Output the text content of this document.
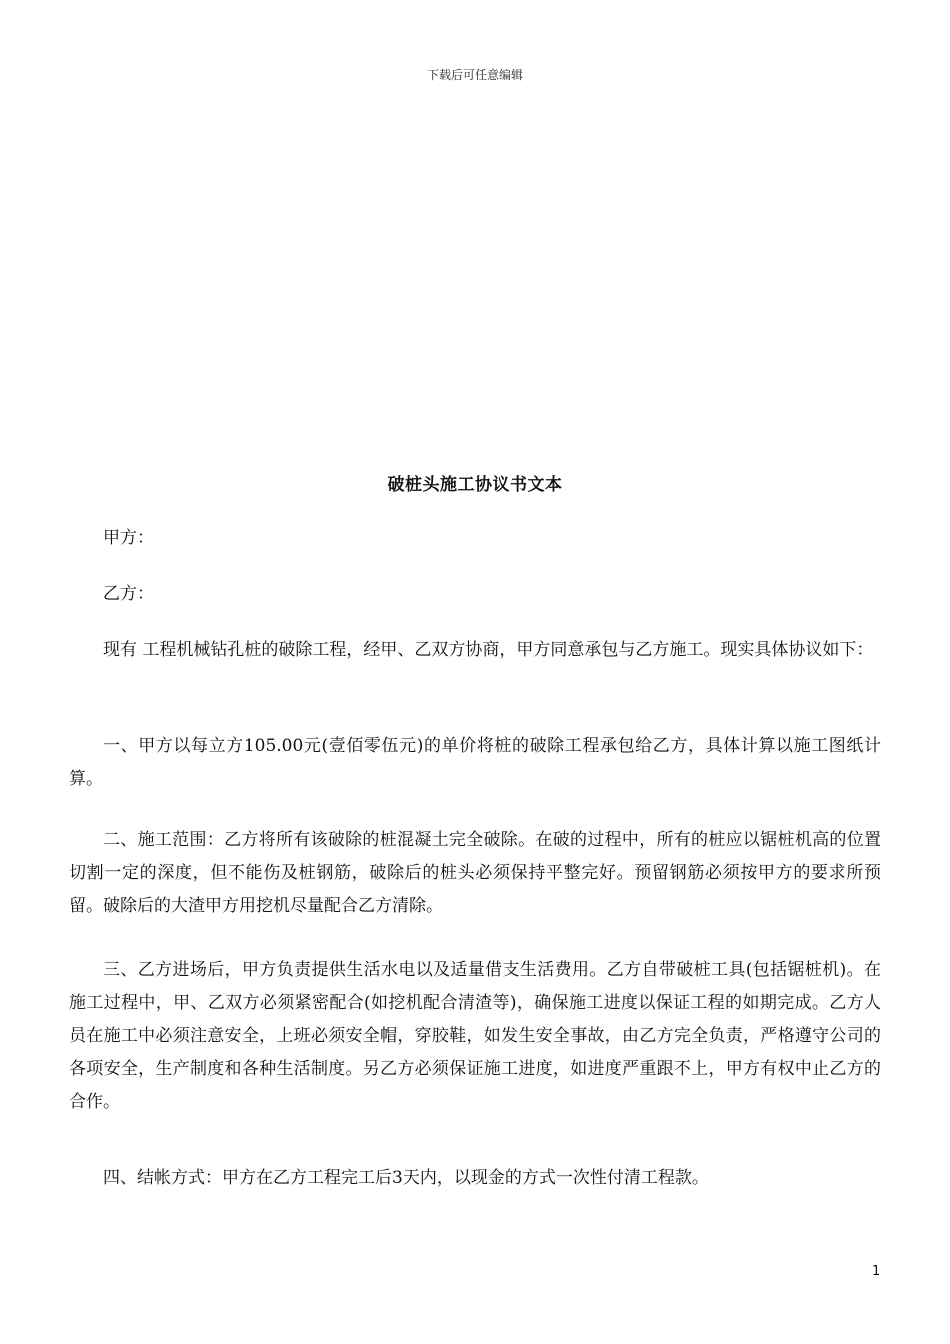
下载后可任意编辑
破桩头施工协议书文本

甲方：

乙方：

现有 工程机械钻孔桩的破除工程，经甲、乙双方协商，甲方同意承包与乙方施工。现实具体协议如下：

一、甲方以每立方105.00元(壹佰零伍元)的单价将桩的破除工程承包给乙方，具体计算以施工图纸计算。

二、施工范围：乙方将所有该破除的桩混凝土完全破除。在破的过程中，所有的桩应以锯桩机高的位置切割一定的深度，但不能伤及桩钢筋，破除后的桩头必须保持平整完好。预留钢筋必须按甲方的要求所预留。破除后的大渣甲方用挖机尽量配合乙方清除。

三、乙方进场后，甲方负责提供生活水电以及适量借支生活费用。乙方自带破桩工具(包括锯桩机)。在施工过程中，甲、乙双方必须紧密配合(如挖机配合清渣等)，确保施工进度以保证工程的如期完成。乙方人员在施工中必须注意安全，上班必须安全帽，穿胶鞋，如发生安全事故，由乙方完全负责，严格遵守公司的各项安全，生产制度和各种生活制度。另乙方必须保证施工进度，如进度严重跟不上，甲方有权中止乙方的合作。

四、结帐方式：甲方在乙方工程完工后3天内，以现金的方式一次性付清工程款。

1
